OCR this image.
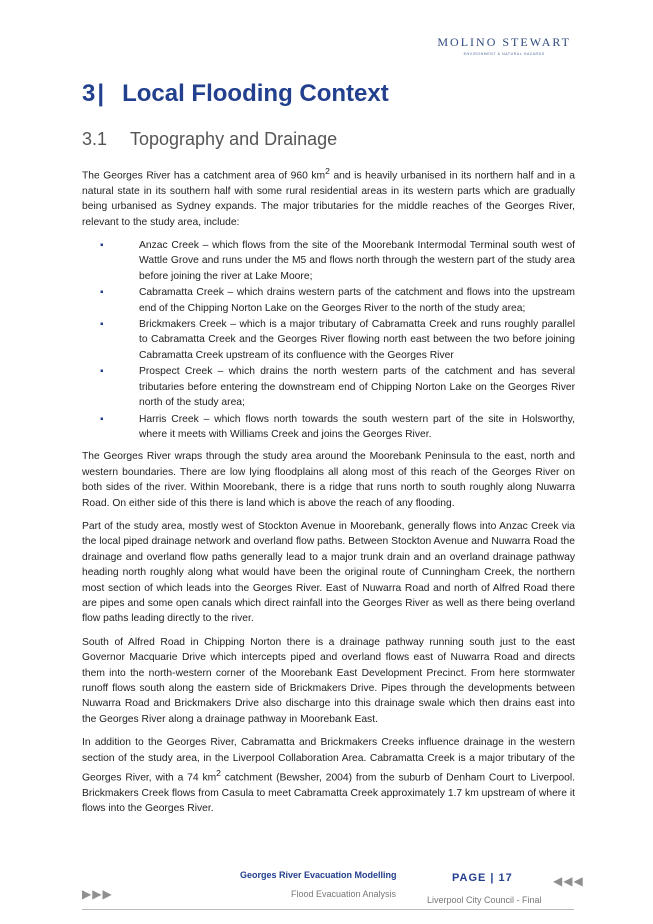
MOLINO STEWART
ENVIRONMENT & NATURAL HAZARDS
3| Local Flooding Context
3.1 Topography and Drainage

The Georges River has a catchment area of 960 $km^2$ and is heavily urbanised in its northern half and in a natural state in its southern half with some rural residential areas in its western parts which are gradually being urbanised as Sydney expands. The major tributaries for the middle reaches of the Georges River, relevant to the study area, include:

▪	Anzac Creek – which flows from the site of the Moorebank Intermodal Terminal south west of Wattle Grove and runs under the M5 and flows north through the western part of the study area before joining the river at Lake Moore;
▪	Cabramatta Creek – which drains western parts of the catchment and flows into the upstream end of the Chipping Norton Lake on the Georges River to the north of the study area;
▪	Brickmakers Creek – which is a major tributary of Cabramatta Creek and runs roughly parallel to Cabramatta Creek and the Georges River flowing north east between the two before joining Cabramatta Creek upstream of its confluence with the Georges River
▪	Prospect Creek – which drains the north western parts of the catchment and has several tributaries before entering the downstream end of Chipping Norton Lake on the Georges River north of the study area;
▪	Harris Creek – which flows north towards the south western part of the site in Holsworthy, where it meets with Williams Creek and joins the Georges River.

The Georges River wraps through the study area around the Moorebank Peninsula to the east, north and western boundaries. There are low lying floodplains all along most of this reach of the Georges River on both sides of the river. Within Moorebank, there is a ridge that runs north to south roughly along Nuwarra Road. On either side of this there is land which is above the reach of any flooding.

Part of the study area, mostly west of Stockton Avenue in Moorebank, generally flows into Anzac Creek via the local piped drainage network and overland flow paths. Between Stockton Avenue and Nuwarra Road the drainage and overland flow paths generally lead to a major trunk drain and an overland drainage pathway heading north roughly along what would have been the original route of Cunningham Creek, the northern most section of which leads into the Georges River. East of Nuwarra Road and north of Alfred Road there are pipes and some open canals which direct rainfall into the Georges River as well as there being overland flow paths leading directly to the river.

South of Alfred Road in Chipping Norton there is a drainage pathway running south just to the east Governor Macquarie Drive which intercepts piped and overland flows east of Nuwarra Road and directs them into the north-western corner of the Moorebank East Development Precinct. From here stormwater runoff flows south along the eastern side of Brickmakers Drive. Pipes through the developments between Nuwarra Road and Brickmakers Drive also discharge into this drainage swale which then drains east into the Georges River along a drainage pathway in Moorebank East.

In addition to the Georges River, Cabramatta and Brickmakers Creeks influence drainage in the western section of the study area, in the Liverpool Collaboration Area. Cabramatta Creek is a major tributary of the Georges River, with a 74 $km^2$ catchment (Bewsher, 2004) from the suburb of Denham Court to Liverpool. Brickmakers Creek flows from Casula to meet Cabramatta Creek approximately 1.7 km upstream of where it flows into the Georges River.

Georges River Evacuation Modelling	PAGE | 17	◀◀◀
▶▶▶	Flood Evacuation Analysis
Liverpool City Council - Final
